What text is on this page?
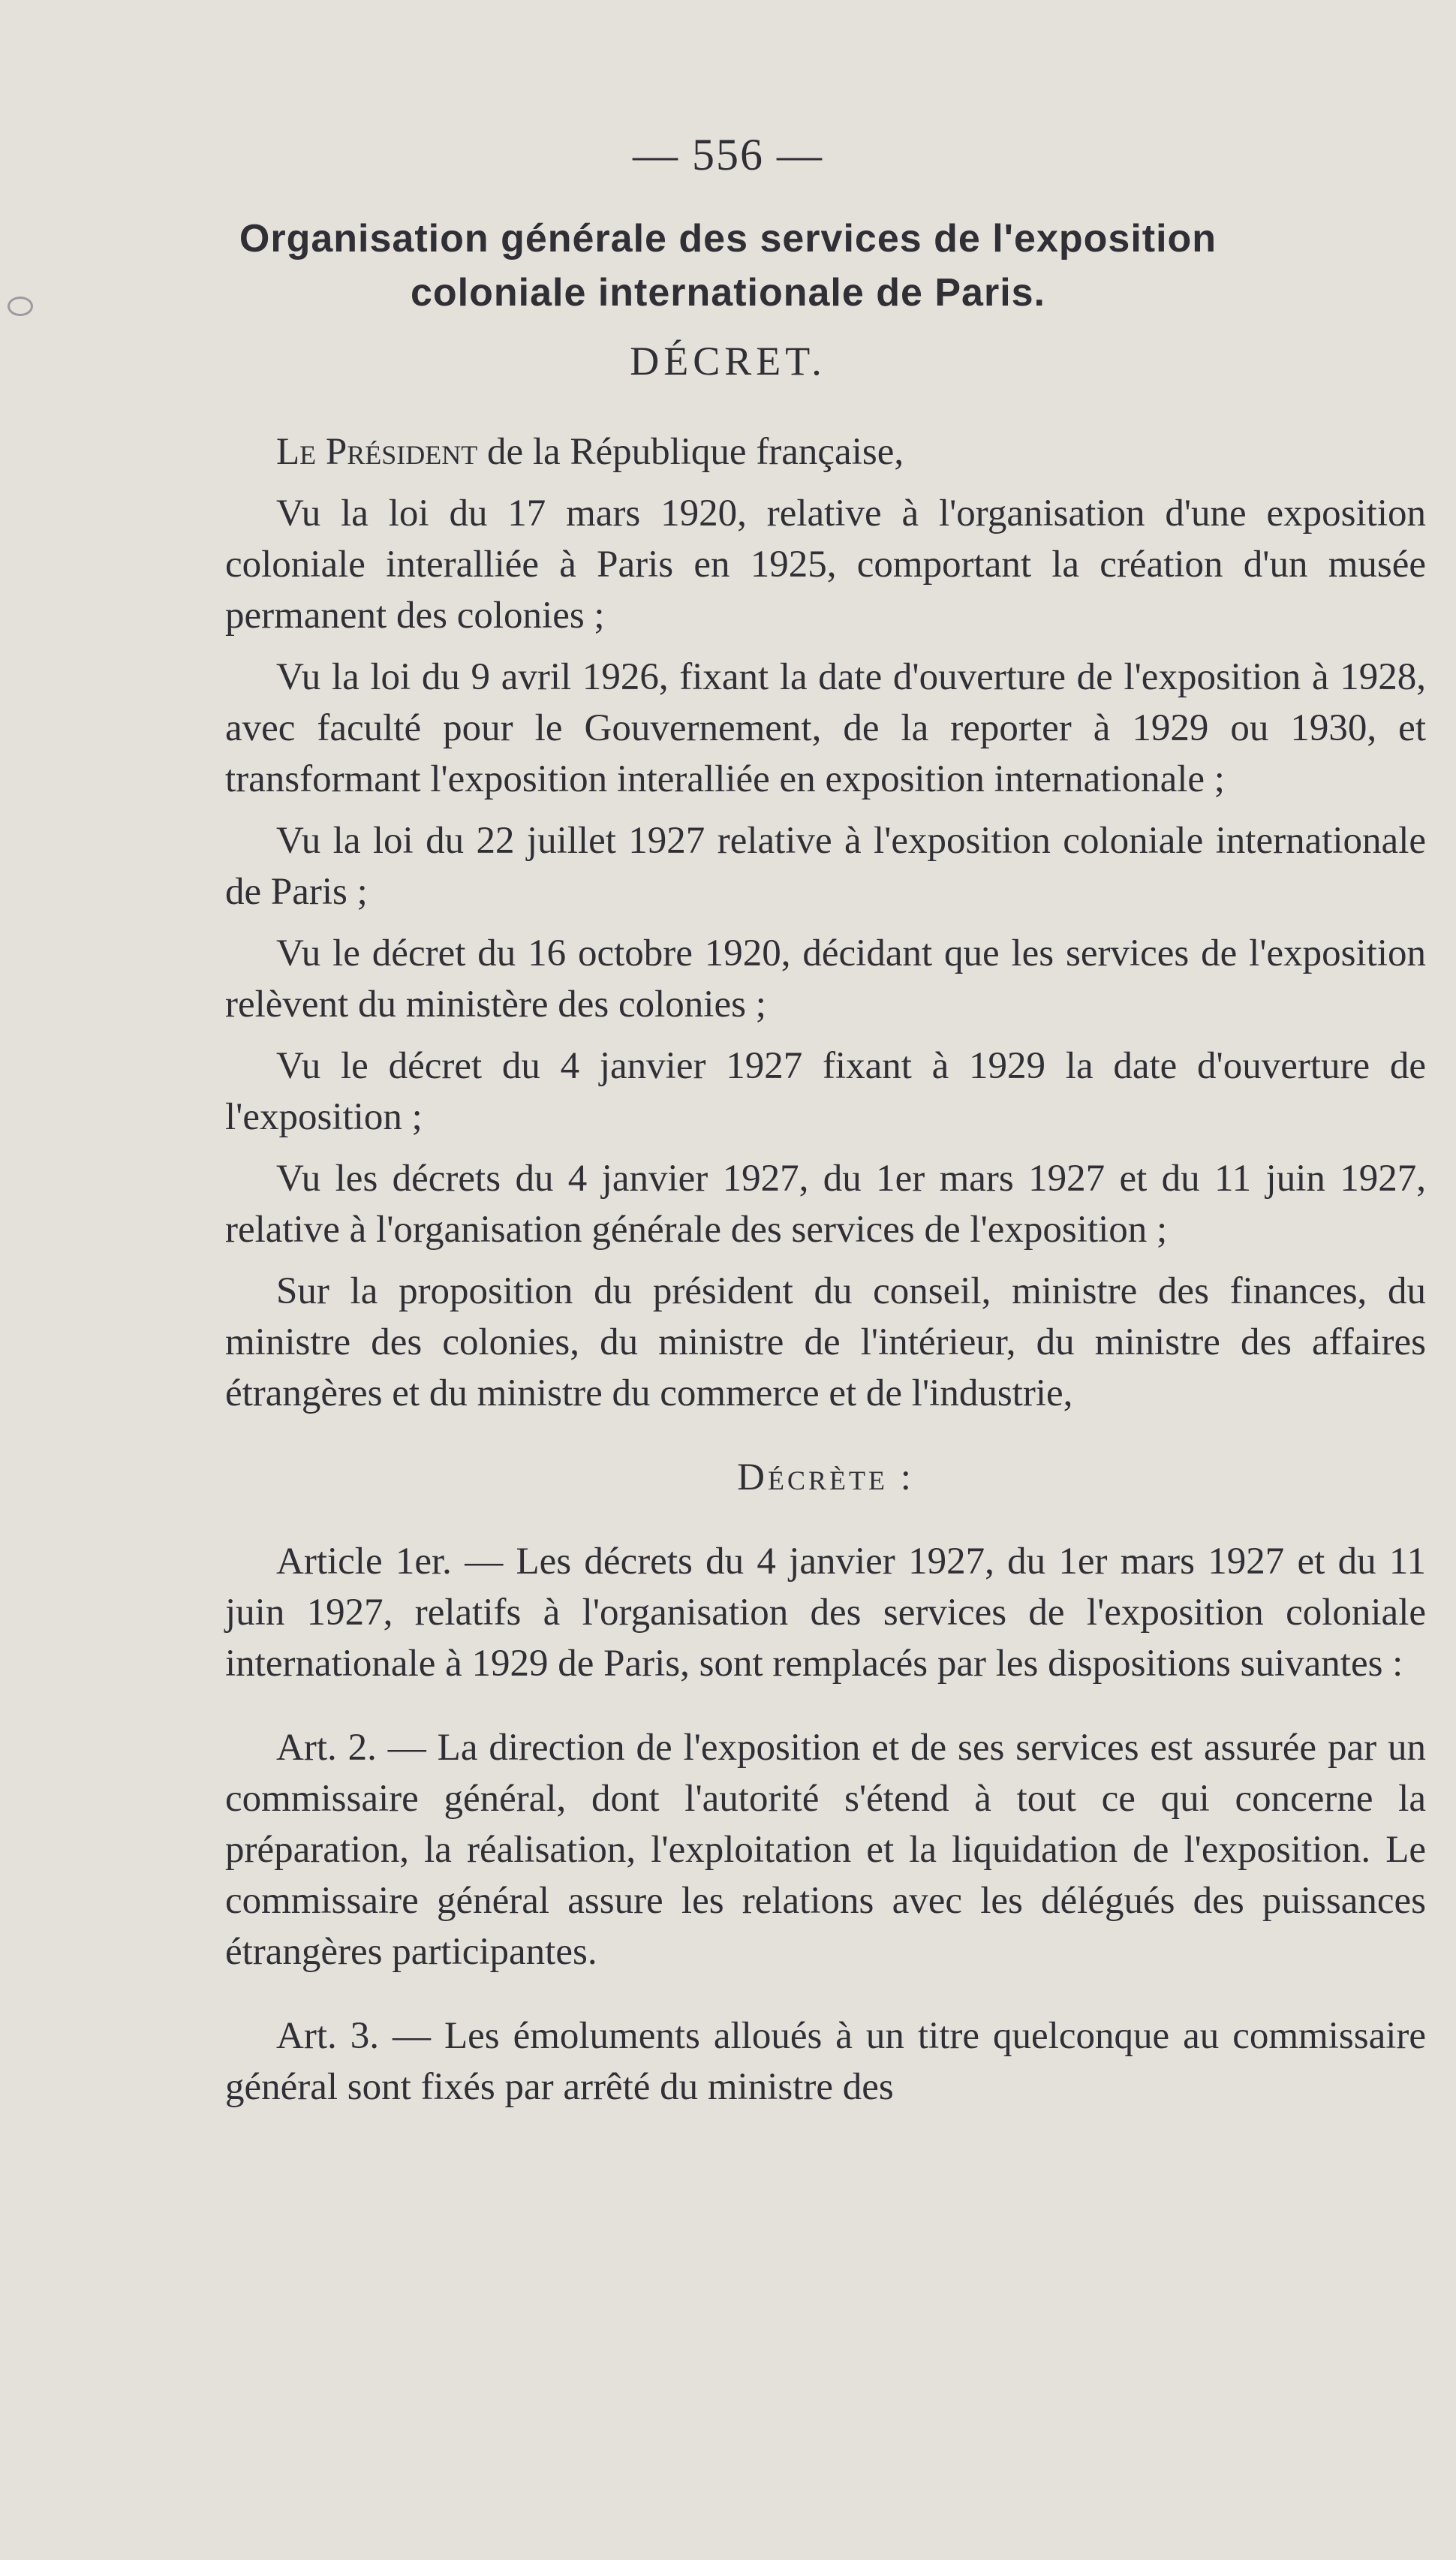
— 556 —
Organisation générale des services de l'exposition
coloniale internationale de Paris.
DÉCRET.

Le Président de la République française,

Vu la loi du 17 mars 1920, relative à l'organisation d'une exposition coloniale interalliée à Paris en 1925, comportant la création d'un musée permanent des colonies ;

Vu la loi du 9 avril 1926, fixant la date d'ouverture de l'exposition à 1928, avec faculté pour le Gouvernement, de la reporter à 1929 ou 1930, et transformant l'exposition interalliée en exposition internationale ;

Vu la loi du 22 juillet 1927 relative à l'exposition coloniale internationale de Paris ;

Vu le décret du 16 octobre 1920, décidant que les services de l'exposition relèvent du ministère des colonies ;

Vu le décret du 4 janvier 1927 fixant à 1929 la date d'ouverture de l'exposition ;

Vu les décrets du 4 janvier 1927, du 1er mars 1927 et du 11 juin 1927, relative à l'organisation générale des services de l'exposition ;

Sur la proposition du président du conseil, ministre des finances, du ministre des colonies, du ministre de l'intérieur, du ministre des affaires étrangères et du ministre du commerce et de l'industrie,

Décrète :

Article 1er. — Les décrets du 4 janvier 1927, du 1er mars 1927 et du 11 juin 1927, relatifs à l'organisation des services de l'exposition coloniale internationale à 1929 de Paris, sont remplacés par les dispositions suivantes :

Art. 2. — La direction de l'exposition et de ses services est assurée par un commissaire général, dont l'autorité s'étend à tout ce qui concerne la préparation, la réalisation, l'exploitation et la liquidation de l'exposition. Le commissaire général assure les relations avec les délégués des puissances étrangères participantes.

Art. 3. — Les émoluments alloués à un titre quelconque au commissaire général sont fixés par arrêté du ministre des
